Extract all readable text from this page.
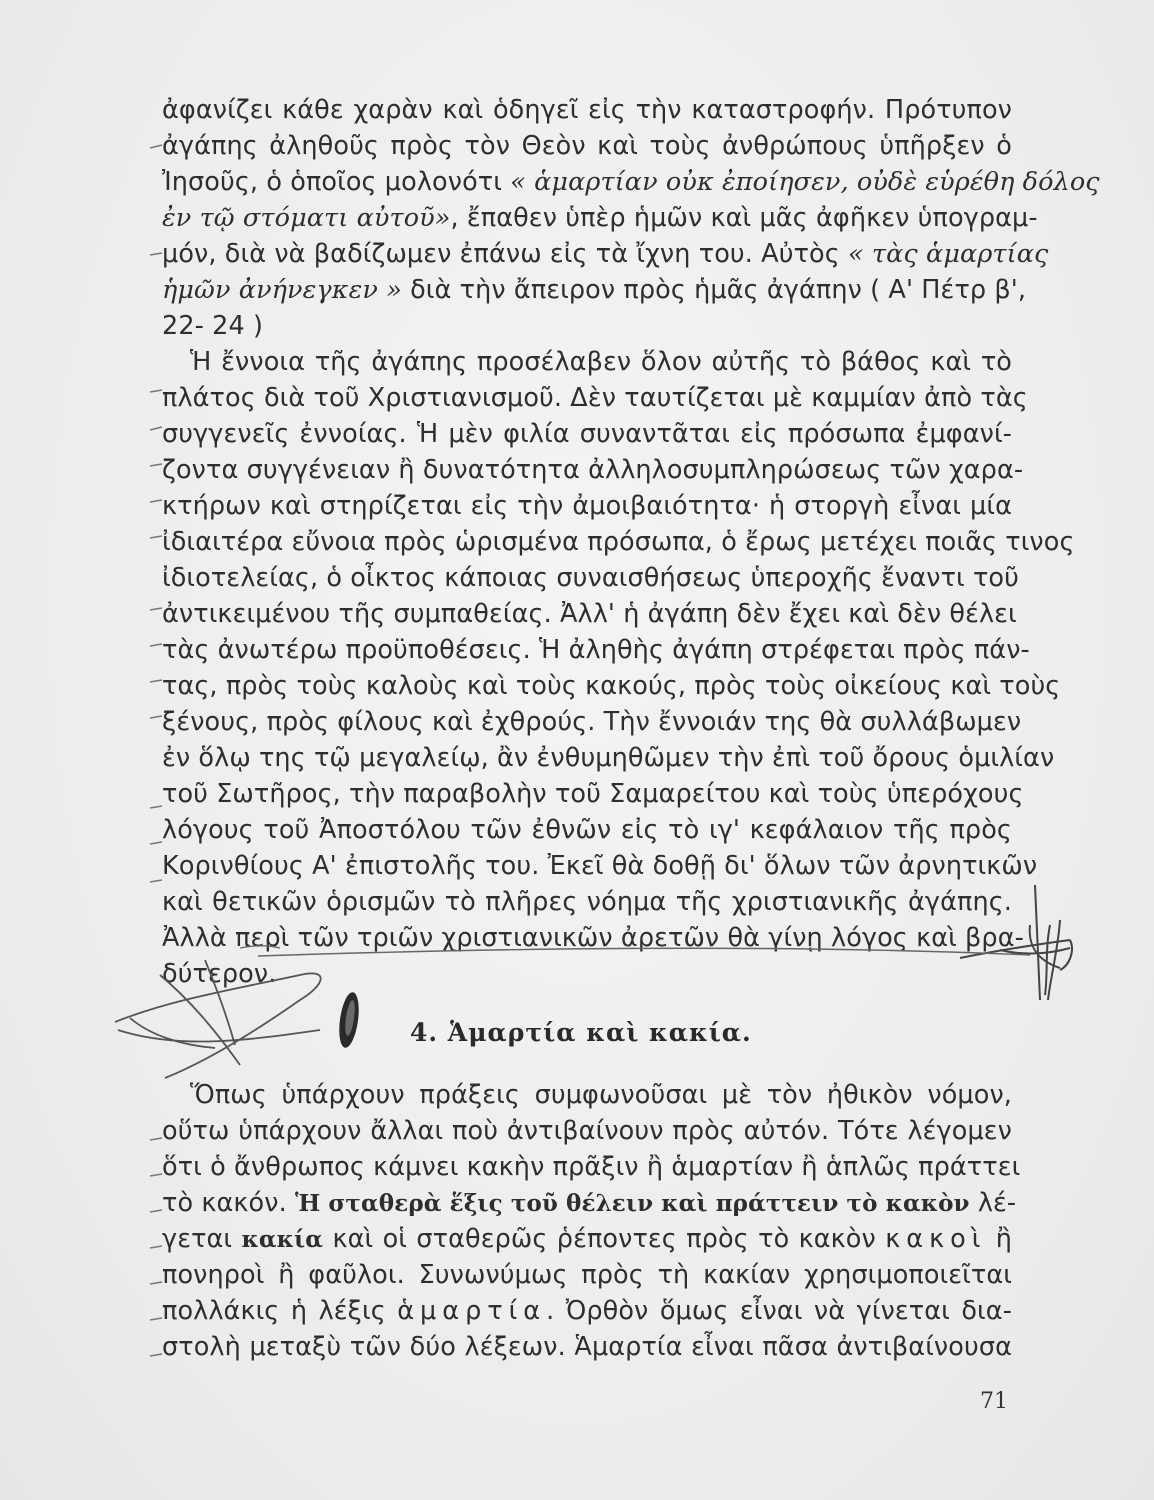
ἀφανίζει κάθε χαρὰν καὶ ὁδηγεῖ εἰς τὴν καταστροφήν. Πρότυπον
ἀγάπης ἀληθοῦς πρὸς τὸν Θεὸν καὶ τοὺς ἀνθρώπους ὑπῆρξεν ὁ
Ἰησοῦς, ὁ ὁποῖος μολονότι « ἁμαρτίαν οὐκ ἐποίησεν, οὐδὲ εὑρέθη δόλος
ἐν τῷ στόματι αὐτοῦ», ἔπαθεν ὑπὲρ ἡμῶν καὶ μᾶς ἀφῆκεν ὑπογραμ-
μόν, διὰ νὰ βαδίζωμεν ἐπάνω εἰς τὰ ἴχνη του. Αὐτὸς « τὰς ἁμαρτίας
ἡμῶν ἀνήνεγκεν » διὰ τὴν ἄπειρον πρὸς ἡμᾶς ἀγάπην ( Α' Πέτρ β',
22- 24 )
Ἡ ἔννοια τῆς ἀγάπης προσέλαβεν ὅλον αὐτῆς τὸ βάθος καὶ τὸ
πλάτος διὰ τοῦ Χριστιανισμοῦ. Δὲν ταυτίζεται μὲ καμμίαν ἀπὸ τὰς
συγγενεῖς ἐννοίας. Ἡ μὲν φιλία συναντᾶται εἰς πρόσωπα ἐμφανί-
ζοντα συγγένειαν ἢ δυνατότητα ἀλληλοσυμπληρώσεως τῶν χαρα-
κτήρων καὶ στηρίζεται εἰς τὴν ἀμοιβαιότητα· ἡ στοργὴ εἶναι μία
ἰδιαιτέρα εὔνοια πρὸς ὡρισμένα πρόσωπα, ὁ ἔρως μετέχει ποιᾶς τινος
ἰδιοτελείας, ὁ οἶκτος κάποιας συναισθήσεως ὑπεροχῆς ἔναντι τοῦ
ἀντικειμένου τῆς συμπαθείας. Ἀλλ' ἡ ἀγάπη δὲν ἔχει καὶ δὲν θέλει
τὰς ἀνωτέρω προϋποθέσεις. Ἡ ἀληθὴς ἀγάπη στρέφεται πρὸς πάν-
τας, πρὸς τοὺς καλοὺς καὶ τοὺς κακούς, πρὸς τοὺς οἰκείους καὶ τοὺς
ξένους, πρὸς φίλους καὶ ἐχθρούς. Τὴν ἔννοιάν της θὰ συλλάβωμεν
ἐν ὅλῳ της τῷ μεγαλείῳ, ἂν ἐνθυμηθῶμεν τὴν ἐπὶ τοῦ ὄρους ὁμιλίαν
τοῦ Σωτῆρος, τὴν παραβολὴν τοῦ Σαμαρείτου καὶ τοὺς ὑπερόχους
λόγους τοῦ Ἀποστόλου τῶν ἐθνῶν εἰς τὸ ιγ' κεφάλαιον τῆς πρὸς
Κορινθίους Α' ἐπιστολῆς του. Ἐκεῖ θὰ δοθῇ δι' ὅλων τῶν ἀρνητικῶν
καὶ θετικῶν ὁρισμῶν τὸ πλῆρες νόημα τῆς χριστιανικῆς ἀγάπης.
Ἀλλὰ περὶ τῶν τριῶν χριστιανικῶν ἀρετῶν θὰ γίνῃ λόγος καὶ βρα-
δύτερον.
4. Ἁμαρτία καὶ κακία.
Ὅπως ὑπάρχουν πράξεις συμφωνοῦσαι μὲ τὸν ἠθικὸν νόμον,
οὕτω ὑπάρχουν ἄλλαι ποὺ ἀντιβαίνουν πρὸς αὐτόν. Τότε λέγομεν
ὅτι ὁ ἄνθρωπος κάμνει κακὴν πρᾶξιν ἢ ἁμαρτίαν ἢ ἁπλῶς πράττει
τὸ κακόν. Ἡ σταθερὰ ἕξις τοῦ θέλειν καὶ πράττειν τὸ κακὸν λέ-
γεται κακία καὶ οἱ σταθερῶς ῥέποντες πρὸς τὸ κακὸν κακοὶ ἢ
πονηροὶ ἢ φαῦλοι. Συνωνύμως πρὸς τὴ κακίαν χρησιμοποιεῖται
πολλάκις ἡ λέξις ἁμαρτία. Ὀρθὸν ὅμως εἶναι νὰ γίνεται δια-
στολὴ μεταξὺ τῶν δύο λέξεων. Ἁμαρτία εἶναι πᾶσα ἀντιβαίνουσα
71
